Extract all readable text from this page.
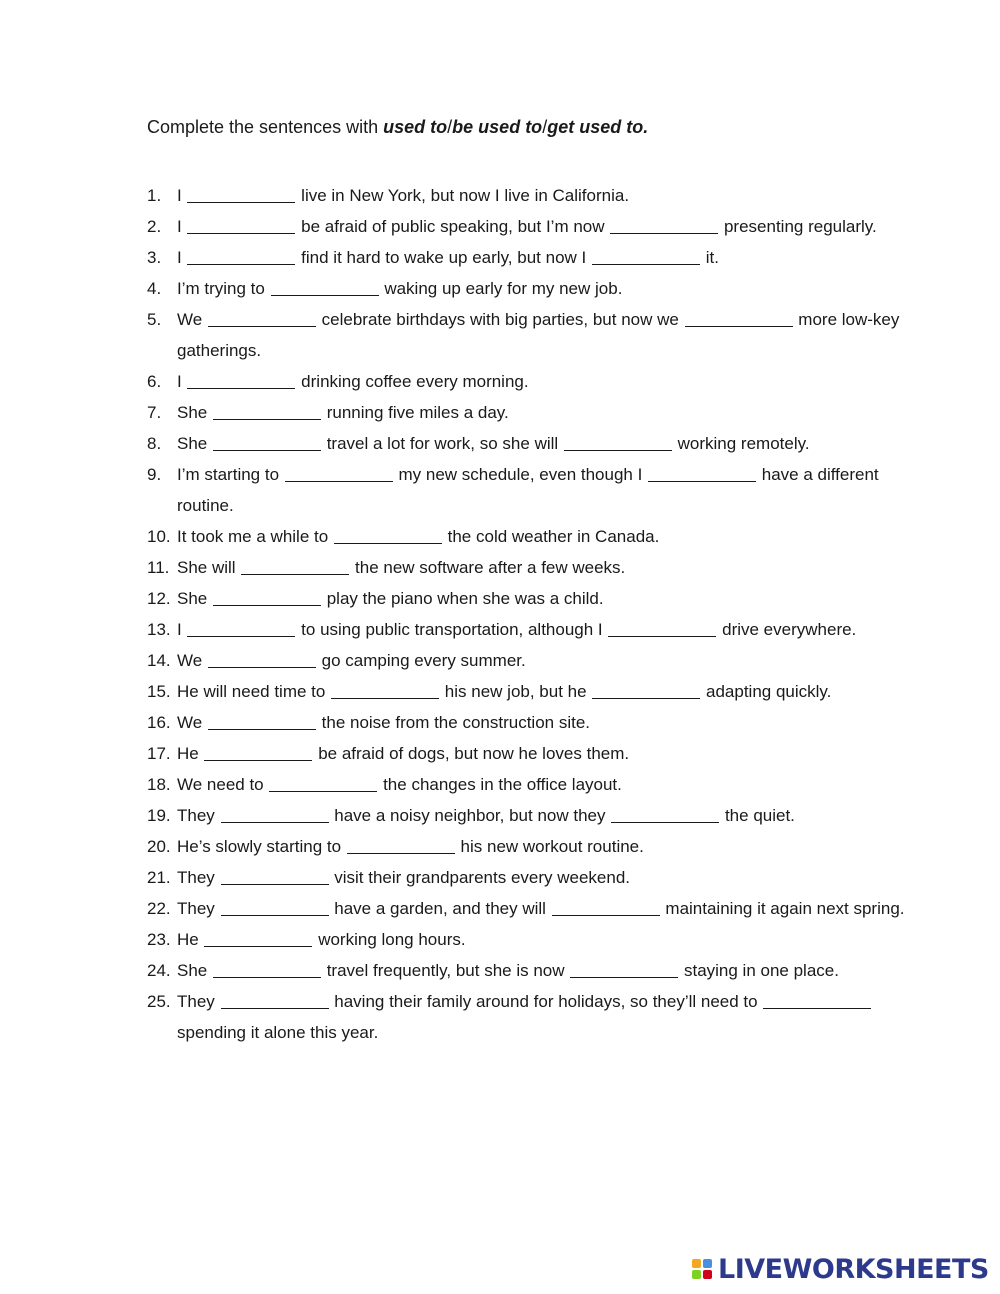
Complete the sentences with used to/be used to/get used to.
1. I	live in New York, but now I live in California.
2. I	be afraid of public speaking, but I’m now	presenting regularly.
3. I	find it hard to wake up early, but now I	it.
4. I’m trying to	waking up early for my new job.
5. We	celebrate birthdays with big parties, but now we	more low-key gatherings.
6. I	drinking coffee every morning.
7. She	running five miles a day.
8. She	travel a lot for work, so she will	working remotely.
9. I’m starting to	my new schedule, even though I	have a different routine.
10. It took me a while to	the cold weather in Canada.
11. She will	the new software after a few weeks.
12. She	play the piano when she was a child.
13. I	to using public transportation, although I	drive everywhere.
14. We	go camping every summer.
15. He will need time to	his new job, but he	adapting quickly.
16. We	the noise from the construction site.
17. He	be afraid of dogs, but now he loves them.
18. We need to	the changes in the office layout.
19. They	have a noisy neighbor, but now they	the quiet.
20. He’s slowly starting to	his new workout routine.
21. They	visit their grandparents every weekend.
22. They	have a garden, and they will	maintaining it again next spring.
23. He	working long hours.
24. She	travel frequently, but she is now	staying in one place.
25. They	having their family around for holidays, so they’ll need to  spending it alone this year.
LIVEWORKSHEETS
